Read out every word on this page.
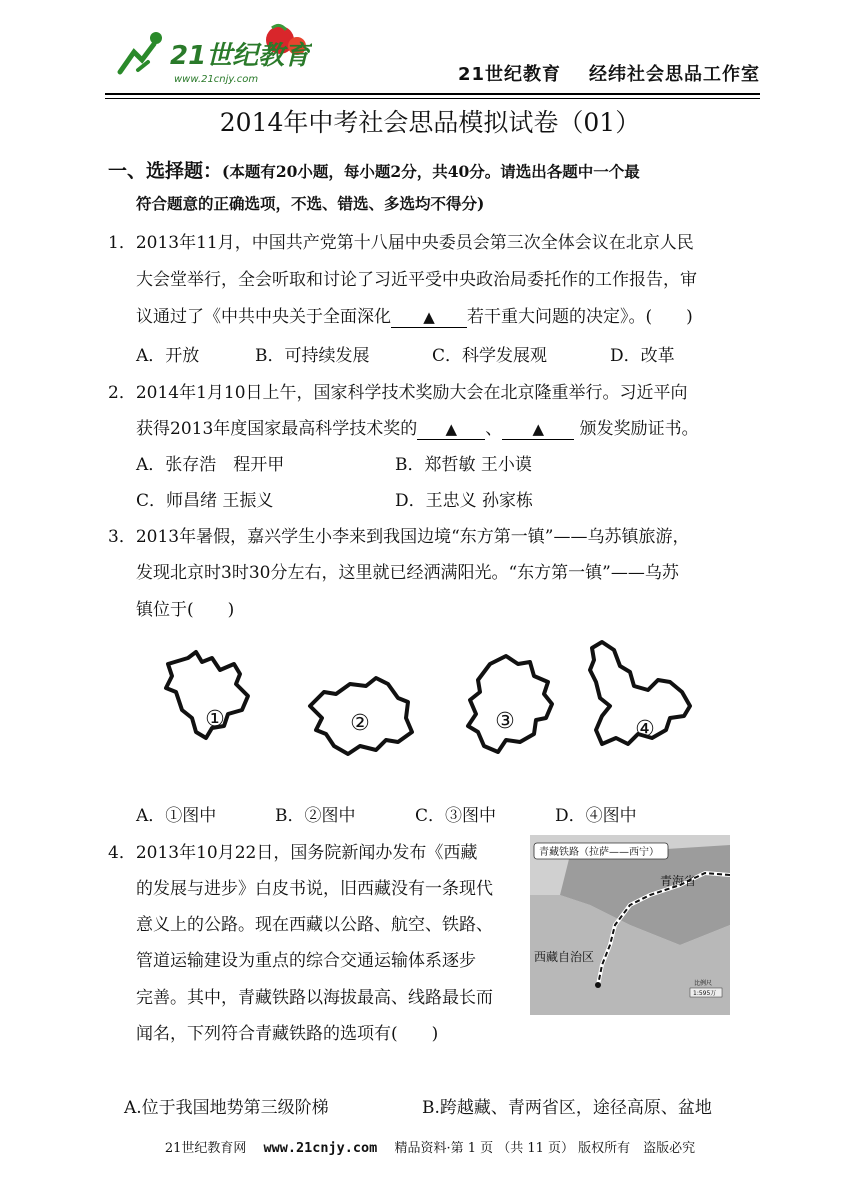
21世纪教育
www.21cnjy.com	21世纪教育 经纬社会思品工作室
2014年中考社会思品模拟试卷（01）
一、选择题：(本题有20小题，每小题2分，共40分。请选出各题中一个最
符合题意的正确选项，不选、错选、多选均不得分)
1．2013年11月，中国共产党第十八届中央委员会第三次全体会议在北京人民
大会堂举行，全会听取和讨论了习近平受中央政治局委托作的工作报告，审
议通过了《中共中央关于全面深化 ▲ 若干重大问题的决定》。(　　)
A．开放	B．可持续发展	C．科学发展观	D．改革
2．2014年1月10日上午，国家科学技术奖励大会在北京隆重举行。习近平向
获得2013年度国家最高科学技术奖的 ▲ 、 ▲ 颁发奖励证书。
A．张存浩　程开甲	B．郑哲敏 王小谟
C．师昌绪 王振义	D．王忠义 孙家栋
3．2013年暑假，嘉兴学生小李来到我国边境“东方第一镇”——乌苏镇旅游，
发现北京时3时30分左右，这里就已经洒满阳光。“东方第一镇”——乌苏
镇位于(　　)
①	②	③	④
A．①图中	B．②图中	C．③图中	D．④图中
4．2013年10月22日，国务院新闻办发布《西藏
的发展与进步》白皮书说，旧西藏没有一条现代
意义上的公路。现在西藏以公路、航空、铁路、
管道运输建设为重点的综合交通运输体系逐步
完善。其中，青藏铁路以海拔最高、线路最长而
闻名，下列符合青藏铁路的选项有(　　)
青藏铁路（拉萨——西宁）
青海省
西藏自治区
比例尺
1:595万
A.位于我国地势第三级阶梯	B.跨越藏、青两省区，途径高原、盆地
21世纪教育网　 www.21cnjy.com　 精品资料·第 1 页 （共 11 页） 版权所有　盗版必究
